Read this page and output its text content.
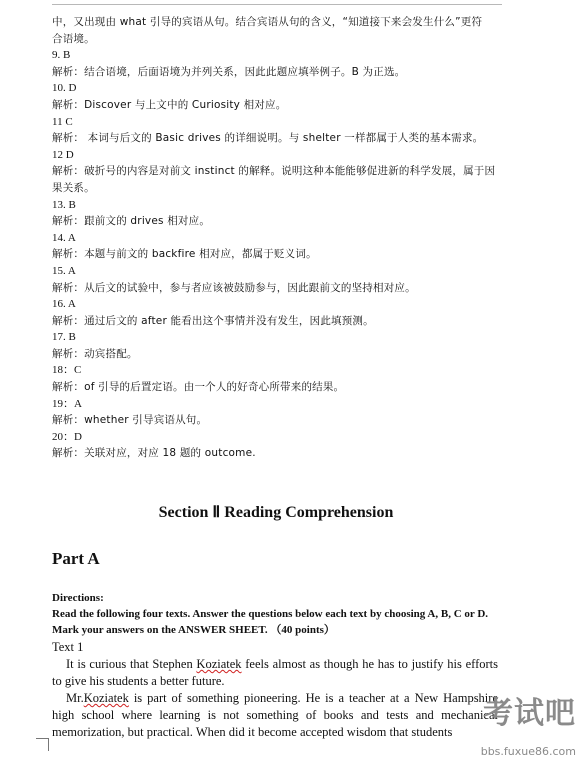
中，又出现由 what 引导的宾语从句。结合宾语从句的含义，“知道接下来会发生什么”更符
合语境。
9. B
解析：结合语境，后面语境为并列关系，因此此题应填举例子。B 为正选。
10. D
解析：Discover 与上文中的 Curiosity 相对应。
11 C
解析： 本词与后文的 Basic drives 的详细说明。与 shelter 一样都属于人类的基本需求。
12 D
解析：破折号的内容是对前文 instinct 的解释。说明这种本能能够促进新的科学发展，属于因果关系。
13. B
解析：跟前文的 drives 相对应。
14. A
解析：本题与前文的 backfire 相对应，都属于贬义词。
15. A
解析：从后文的试验中，参与者应该被鼓励参与，因此跟前文的坚持相对应。
16. A
解析：通过后文的 after 能看出这个事情并没有发生，因此填预测。
17. B
解析：动宾搭配。
18：C
解析：of 引导的后置定语。由一个人的好奇心所带来的结果。
19：A
解析：whether 引导宾语从句。
20：D
解析：关联对应，对应 18 题的 outcome.
Section Ⅱ Reading Comprehension
Part A
Directions:
Read the following four texts. Answer the questions below each text by choosing A, B, C or D. Mark your answers on the ANSWER SHEET. （40 points）
Text 1
It is curious that Stephen Koziatek feels almost as though he has to justify his efforts to give his students a better future.
Mr.Koziatek is part of something pioneering. He is a teacher at a New Hampshire high school where learning is not something of books and tests and mechanical memorization, but practical. When did it become accepted wisdom that students
考试吧
bbs.fuxue86.com
